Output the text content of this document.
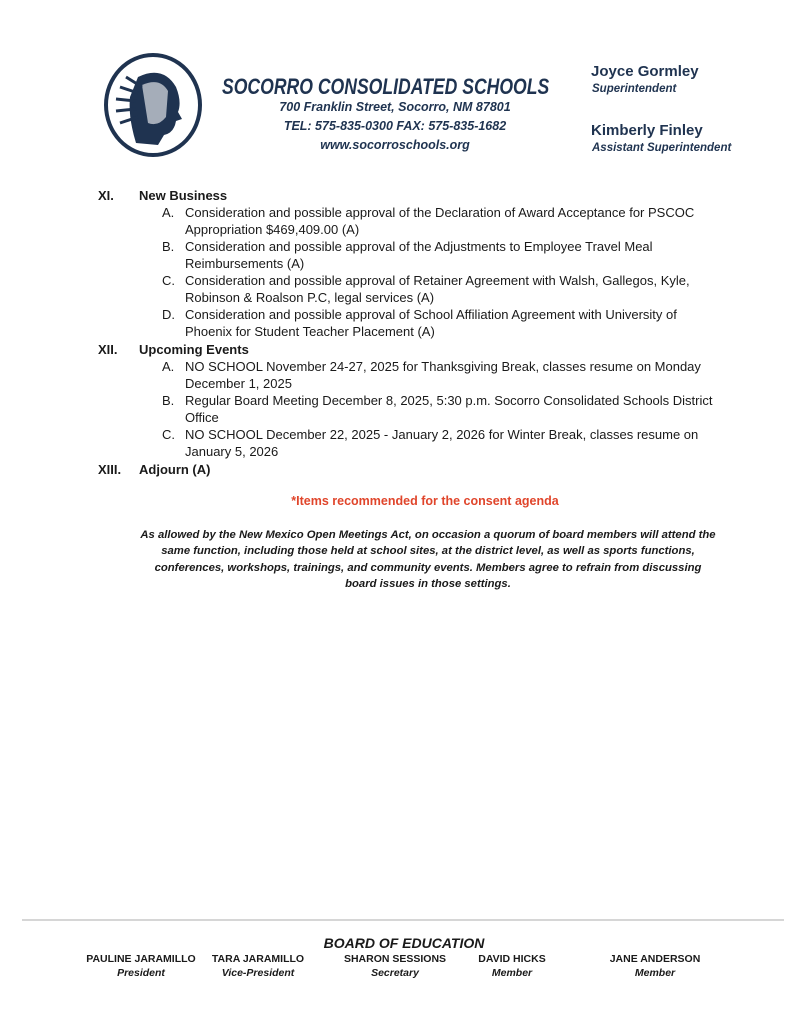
SOCORRO CONSOLIDATED SCHOOLS
700 Franklin Street, Socorro, NM 87801
TEL: 575-835-0300 FAX: 575-835-1682
www.socorroschools.org
Joyce Gormley
Superintendent
Kimberly Finley
Assistant Superintendent
XI. New Business
A. Consideration and possible approval of the Declaration of Award Acceptance for PSCOC Appropriation $469,409.00 (A)
B. Consideration and possible approval of the Adjustments to Employee Travel Meal Reimbursements (A)
C. Consideration and possible approval of Retainer Agreement with Walsh, Gallegos, Kyle, Robinson & Roalson P.C, legal services (A)
D. Consideration and possible approval of School Affiliation Agreement with University of Phoenix for Student Teacher Placement (A)
XII. Upcoming Events
A. NO SCHOOL November 24-27, 2025 for Thanksgiving Break, classes resume on Monday December 1, 2025
B. Regular Board Meeting December 8, 2025, 5:30 p.m. Socorro Consolidated Schools District Office
C. NO SCHOOL December 22, 2025 - January 2, 2026 for Winter Break, classes resume on January 5, 2026
XIII. Adjourn (A)
*Items recommended for the consent agenda
As allowed by the New Mexico Open Meetings Act, on occasion a quorum of board members will attend the same function, including those held at school sites, at the district level, as well as sports functions, conferences, workshops, trainings, and community events. Members agree to refrain from discussing board issues in those settings.
BOARD OF EDUCATION
PAULINE JARAMILLO
President
TARA JARAMILLO
Vice-President
SHARON SESSIONS
Secretary
DAVID HICKS
Member
JANE ANDERSON
Member
